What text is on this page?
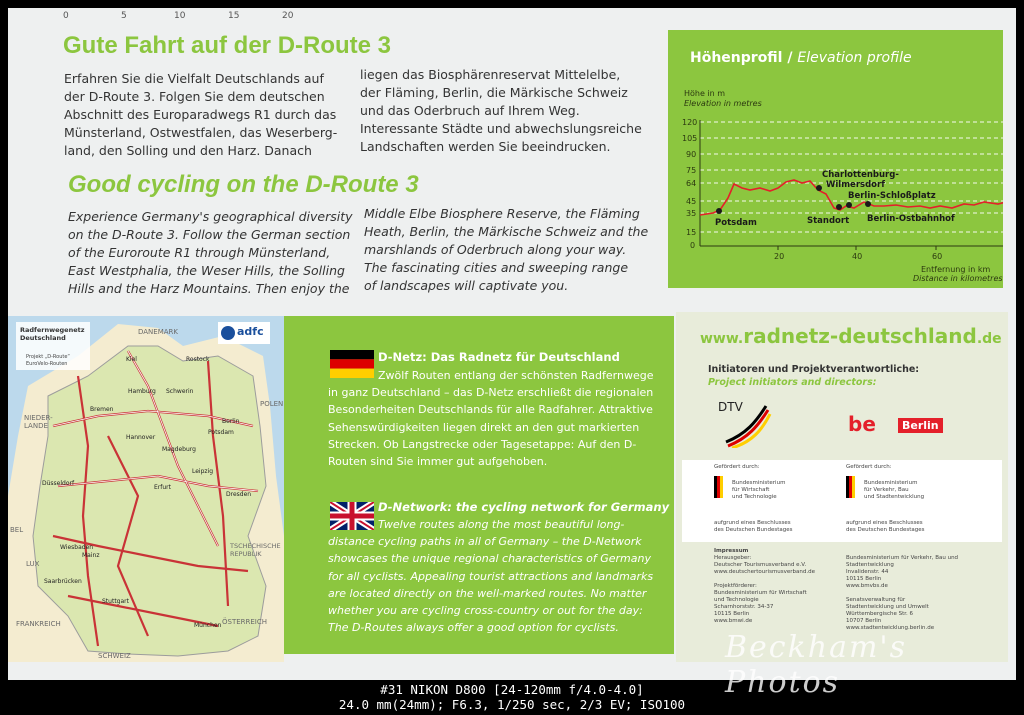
0	5	10	15	20
Gute Fahrt auf der D-Route 3
Erfahren Sie die Vielfalt Deutschlands auf
der D-Route 3. Folgen Sie dem deutschen
Abschnitt des Europaradwegs R1 durch das
Münsterland, Ostwestfalen, das Weserberg-
land, den Solling und den Harz. Danach
liegen das Biosphärenreservat Mittelelbe,
der Fläming, Berlin, die Märkische Schweiz
und das Oderbruch auf Ihrem Weg.
Interessante Städte und abwechslungsreiche
Landschaften werden Sie beeindrucken.
Good cycling on the D-Route 3
Experience Germany's geographical diversity
on the D-Route 3. Follow the German section
of the Euroroute R1 through Münsterland,
East Westphalia, the Weser Hills, the Solling
Hills and the Harz Mountains. Then enjoy the
Middle Elbe Biosphere Reserve, the Fläming
Heath, Berlin, the Märkische Schweiz and the
marshlands of Oderbruch along your way.
The fascinating cities and sweeping range
of landscapes will captivate you.
Höhenprofil / Elevation profile
Höhe in m
Elevation in metres
120
105
90
75
64
45
35
15
0
20	40	60
Entfernung in km
Distance in kilometres
Potsdam
Charlottenburg-
Wilmersdorf
Standort
Berlin-Schloßplatz
Berlin-Ostbahnhof
Radfernwegenetz Deutschland	adfc
Projekt „D-Route“
EuroVelo-Routen
DANEMARK
NIEDER-LANDE
POLEN
BEL
LUX
FRANKREICH
SCHWEIZ
ÖSTERREICH
TSCHECHISCHE REPUBLIK
Kiel	Rostock
Hamburg Schwerin
Bremen
Hannover
Berlin
Potsdam
Magdeburg
Düsseldorf
Leipzig
Erfurt
Dresden
Wiesbaden
Mainz
Saarbrücken
Stuttgart
München
D-Netz: Das Radnetz für Deutschland
Zwölf Routen entlang der schönsten Radfernwege in ganz Deutschland – das D-Netz erschließt die regionalen Besonderheiten Deutschlands für alle Radfahrer. Attraktive Sehenswürdigkeiten liegen direkt an den gut markierten Strecken. Ob Langstrecke oder Tagesetappe: Auf den D-Routen sind Sie immer gut aufgehoben.
D-Network: the cycling network for Germany
Twelve routes along the most beautiful long-distance cycling paths in all of Germany – the D-Network showcases the unique regional characteristics of Germany for all cyclists. Appealing tourist attractions and landmarks are located directly on the well-marked routes. No matter whether you are cycling cross-country or out for the day: The D-Routes always offer a good option for cyclists.
www.radnetz-deutschland.de
Initiatoren und Projektverantwortliche:
Project initiators and directors:
DTV
be	Berlin
Gefördert durch:	Gefördert durch:
Bundesministerium
für Wirtschaft
und Technologie
Bundesministerium
für Verkehr, Bau
und Stadtentwicklung
aufgrund eines Beschlusses
des Deutschen Bundestages
aufgrund eines Beschlusses
des Deutschen Bundestages
Impressum
Herausgeber:
Deutscher Tourismusverband e.V.
www.deutschertourismusverband.de

Projektförderer:
Bundesministerium für Wirtschaft
und Technologie
Scharnhorststr. 34-37
10115 Berlin
www.bmwi.de

Bundesministerium für Verkehr, Bau und Stadtentwicklung
Invalidenstr. 44
10115 Berlin
www.bmvbs.de

Senatsverwaltung für
Stadtentwicklung und Umwelt
Württembergische Str. 6
10707 Berlin
www.stadtentwicklung.berlin.de
Beckham's Photos
#31 NIKON D800 [24-120mm f/4.0-4.0]
24.0 mm(24mm); F6.3, 1/250 sec, 2/3 EV; ISO100
